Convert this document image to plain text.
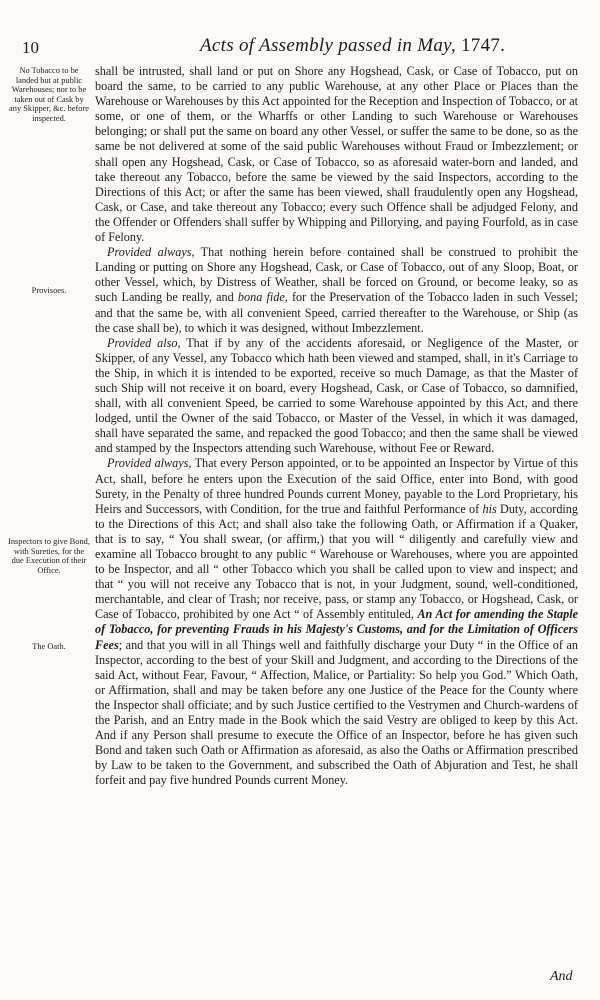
10	Acts of Assembly passed in May, 1747.
No Tobacco to be landed but at public Warehouses; nor to be taken out of Cask by any Skipper, &c. before inspected.
Provisoes.
Inspectors to give Bond, with Sureties, for the due Execution of their Office.
The Oath.

shall be intrusted, shall land or put on Shore any Hogshead, Cask, or Case of Tobacco, put on board the same, to be carried to any public Warehouse, at any other Place or Places than the Warehouse or Warehouses by this Act appointed for the Reception and Inspection of Tobacco, or at some, or one of them, or the Wharffs or other Landing to such Warehouse or Warehouses belonging; or shall put the same on board any other Vessel, or suffer the same to be done, so as the same be not delivered at some of the said public Warehouses without Fraud or Imbezzlement; or shall open any Hogshead, Cask, or Case of Tobacco, so as aforesaid water-born and landed, and take thereout any Tobacco, before the same be viewed by the said Inspectors, according to the Directions of this Act; or after the same has been viewed, shall fraudulently open any Hogshead, Cask, or Case, and take thereout any Tobacco; every such Offence shall be adjudged Felony, and the Offender or Offenders shall suffer by Whipping and Pillorying, and paying Fourfold, as in case of Felony.

Provided always, That nothing herein before contained shall be construed to prohibit the Landing or putting on Shore any Hogshead, Cask, or Case of Tobacco, out of any Sloop, Boat, or other Vessel, which, by Distress of Weather, shall be forced on Ground, or become leaky, so as such Landing be really, and bona fide, for the Preservation of the Tobacco laden in such Vessel; and that the same be, with all convenient Speed, carried thereafter to the Warehouse, or Ship (as the case shall be), to which it was designed, without Imbezzlement.

Provided also, That if by any of the accidents aforesaid, or Negligence of the Master, or Skipper, of any Vessel, any Tobacco which hath been viewed and stamped, shall, in it's Carriage to the Ship, in which it is intended to be exported, receive so much Damage, as that the Master of such Ship will not receive it on board, every Hogshead, Cask, or Case of Tobacco, so damnified, shall, with all convenient Speed, be carried to some Warehouse appointed by this Act, and there lodged, until the Owner of the said Tobacco, or Master of the Vessel, in which it was damaged, shall have separated the same, and repacked the good Tobacco; and then the same shall be viewed and stamped by the Inspectors attending such Warehouse, without Fee or Reward.

Provided always, That every Person appointed, or to be appointed an Inspector by Virtue of this Act, shall, before he enters upon the Execution of the said Office, enter into Bond, with good Surety, in the Penalty of three hundred Pounds current Money, payable to the Lord Proprietary, his Heirs and Successors, with Condition, for the true and faithful Performance of his Duty, according to the Directions of this Act; and shall also take the following Oath, or Affirmation if a Quaker, that is to say, “ You shall swear, (or affirm,) that you will “ diligently and carefully view and examine all Tobacco brought to any public “ Warehouse or Warehouses, where you are appointed to be Inspector, and all “ other Tobacco which you shall be called upon to view and inspect; and that “ you will not receive any Tobacco that is not, in your Judgment, sound, well-conditioned, merchantable, and clear of Trash; nor receive, pass, or stamp any Tobacco, or Hogshead, Cask, or Case of Tobacco, prohibited by one Act “ of Assembly entituled, An Act for amending the Staple of Tobacco, for preventing Frauds in his Majesty's Customs, and for the Limitation of Officers Fees; and that you will in all Things well and faithfully discharge your Duty “ in the Office of an Inspector, according to the best of your Skill and Judgment, and according to the Directions of the said Act, without Fear, Favour, “ Affection, Malice, or Partiality: So help you God.” Which Oath, or Affirmation, shall and may be taken before any one Justice of the Peace for the County where the Inspector shall officiate; and by such Justice certified to the Vestrymen and Church-wardens of the Parish, and an Entry made in the Book which the said Vestry are obliged to keep by this Act. And if any Person shall presume to execute the Office of an Inspector, before he has given such Bond and taken such Oath or Affirmation as aforesaid, as also the Oaths or Affirmation prescribed by Law to be taken to the Government, and subscribed the Oath of Abjuration and Test, he shall forfeit and pay five hundred Pounds current Money.

And
